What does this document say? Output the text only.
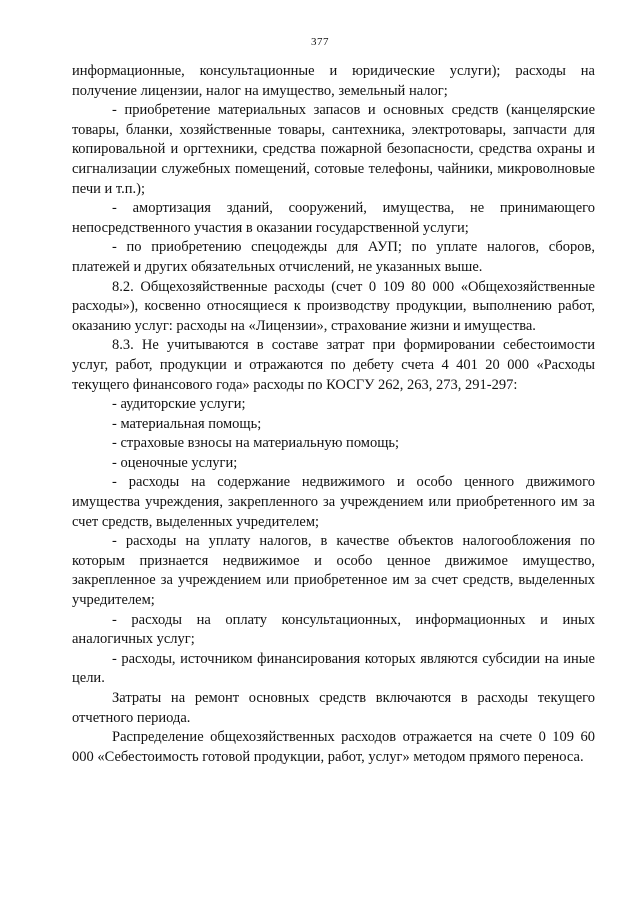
377

информационные, консультационные и юридические услуги); расходы на получение лицензии, налог на имущество, земельный налог;

- приобретение материальных запасов и основных средств (канцелярские товары, бланки, хозяйственные товары, сантехника, электротовары, запчасти для копировальной и оргтехники, средства пожарной безопасности, средства охраны и сигнализации служебных помещений, сотовые телефоны, чайники, микроволновые печи и т.п.);

- амортизация зданий, сооружений, имущества, не принимающего непосредственного участия в оказании государственной услуги;

- по приобретению спецодежды для АУП; по уплате налогов, сборов, платежей и других обязательных отчислений, не указанных выше.

8.2. Общехозяйственные расходы (счет 0 109 80 000 «Общехозяйственные расходы»), косвенно относящиеся к производству продукции, выполнению работ, оказанию услуг: расходы на «Лицензии», страхование жизни и имущества.

8.3. Не учитываются в составе затрат при формировании себестоимости услуг, работ, продукции и отражаются по дебету счета 4 401 20 000 «Расходы текущего финансового года» расходы по КОСГУ 262, 263, 273, 291-297:

- аудиторские услуги;

- материальная помощь;

- страховые взносы на материальную помощь;

- оценочные услуги;

- расходы на содержание недвижимого и особо ценного движимого имущества учреждения, закрепленного за учреждением или приобретенного им за счет средств, выделенных учредителем;

- расходы на уплату налогов, в качестве объектов налогообложения по которым признается недвижимое и особо ценное движимое имущество, закрепленное за учреждением или приобретенное им за счет средств, выделенных учредителем;

- расходы на оплату консультационных, информационных и иных аналогичных услуг;

- расходы, источником финансирования которых являются субсидии на иные цели.

Затраты на ремонт основных средств включаются в расходы текущего отчетного периода.

Распределение общехозяйственных расходов отражается на счете 0 109 60 000 «Себестоимость готовой продукции, работ, услуг» методом прямого переноса.
